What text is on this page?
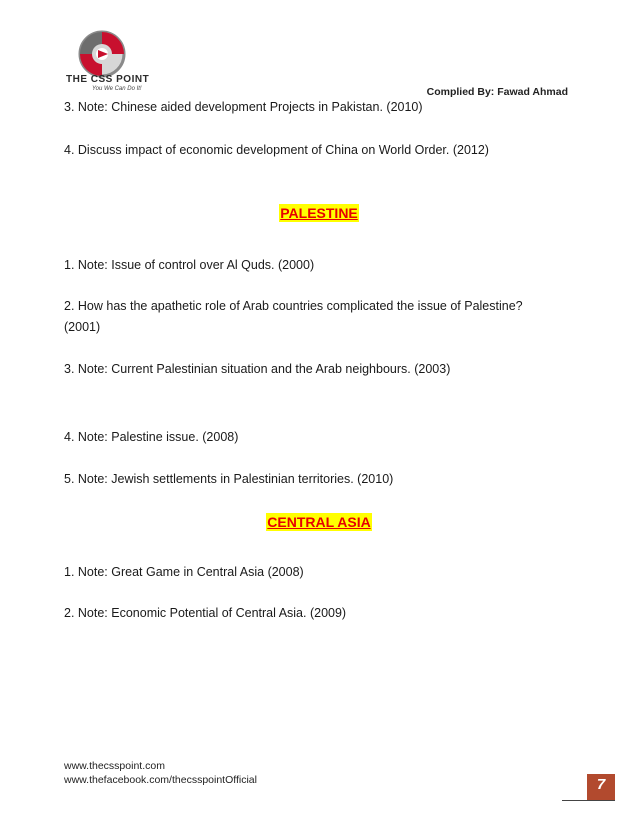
THE CSS POINT
You We Can Do It!	Complied By: Fawad Ahmad
3. Note: Chinese aided development Projects in Pakistan. (2010)
4. Discuss impact of economic development of China on World Order. (2012)
PALESTINE
1. Note: Issue of control over Al Quds. (2000)
2. How has the apathetic role of Arab countries complicated the issue of Palestine?
(2001)
3. Note: Current Palestinian situation and the Arab neighbours. (2003)
4. Note: Palestine issue. (2008)
5. Note: Jewish settlements in Palestinian territories. (2010)
CENTRAL ASIA
1. Note: Great Game in Central Asia (2008)
2. Note: Economic Potential of Central Asia. (2009)
www.thecsspoint.com
www.thefacebook.com/thecsspointOfficial	7
